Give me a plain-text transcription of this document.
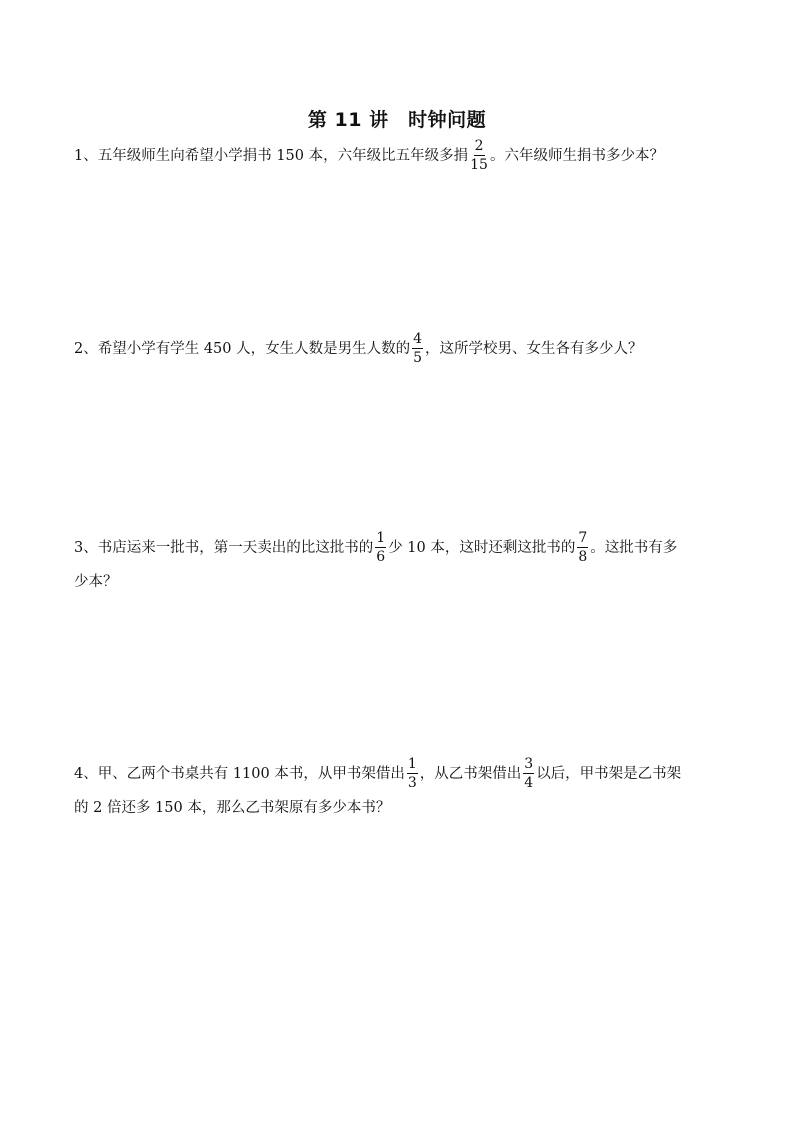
第 11 讲　时钟问题
1、五年级师生向希望小学捐书 150 本，六年级比五年级多捐 $\frac{2}{15}$ 。六年级师生捐书多少本？
2、希望小学有学生 450 人，女生人数是男生人数的 $\frac{4}{5}$ ，这所学校男、女生各有多少人？
3、书店运来一批书，第一天卖出的比这批书的 $\frac{1}{6}$ 少 10 本，这时还剩这批书的 $\frac{7}{8}$ 。这批书有多
少本？
4、甲、乙两个书桌共有 1100 本书，从甲书架借出 $\frac{1}{3}$ ，从乙书架借出 $\frac{3}{4}$ 以后，甲书架是乙书架
的 2 倍还多 150 本，那么乙书架原有多少本书？
